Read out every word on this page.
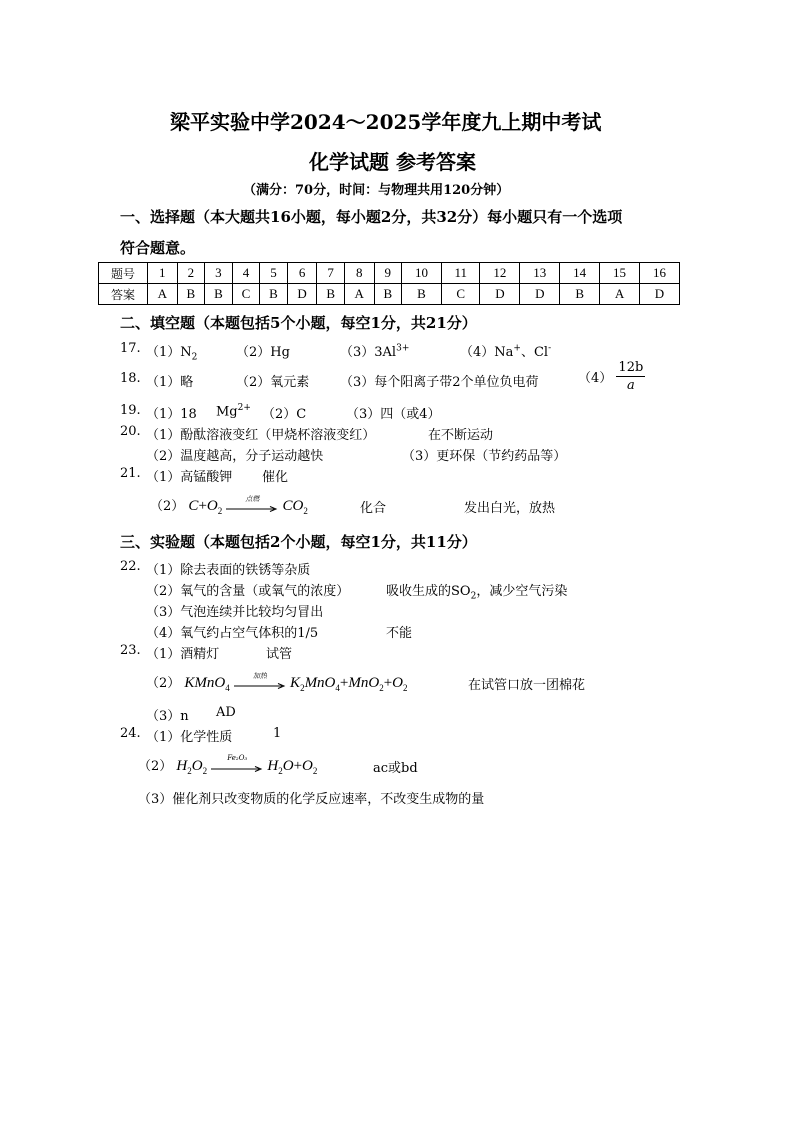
梁平实验中学2024～2025学年度九上期中考试
化学试题 参考答案
（满分：70分，时间：与物理共用120分钟）
一、选择题（本大题共16小题，每小题2分，共32分）每小题只有一个选项
符合题意。
题号	1	2	3	4	5	6	7	8	9	10	11	12	13	14	15	16
答案	A	B	B	C	B	D	B	A	B	B	C	D	D	B	A	D
二、填空题（本题包括5个小题，每空1分，共21分）
17. $(1)N_2$	（2）Hg	$(3)3Al^{3+}$	（4）Na+、Cl-
18. （1）略	（2）氧元素 （3）每个阳离子带2个单位负电荷	$(4) \frac{12b}{a}$
19. （1）18 $Mg^{2+}$ （2）C	（3）四（或4）
20. （1）酚酞溶液变红（甲烧杯溶液变红）	在不断运动
（2）温度越高，分子运动越快	（3）更环保（节约药品等）
21. （1）高锰酸钾 催化
（2） $C+O_2$
点燃	$CO_2$	化合	发出白光，放热
三、实验题（本题包括2个小题，每空1分，共11分）
22. （1）除去表面的铁锈等杂质
（2）氧气的含量（或氧气的浓度）	吸收生成的$SO_2$，减少空气污染
（3）气泡连续并比较均匀冒出
（4）氧气约占空气体积的1/5	不能
23. （1）酒精灯	试管
（2） KMnO$_4$
加热	$K_2MnO_4+MnO_2+O_2$	在试管口放一团棉花
（3）n AD
24. （1）化学性质	1
（2） $H_2O_2$
Fe₂O₃
$H_2O+O_2$	ac或bd
（3）催化剂只改变物质的化学反应速率，不改变生成物的量
